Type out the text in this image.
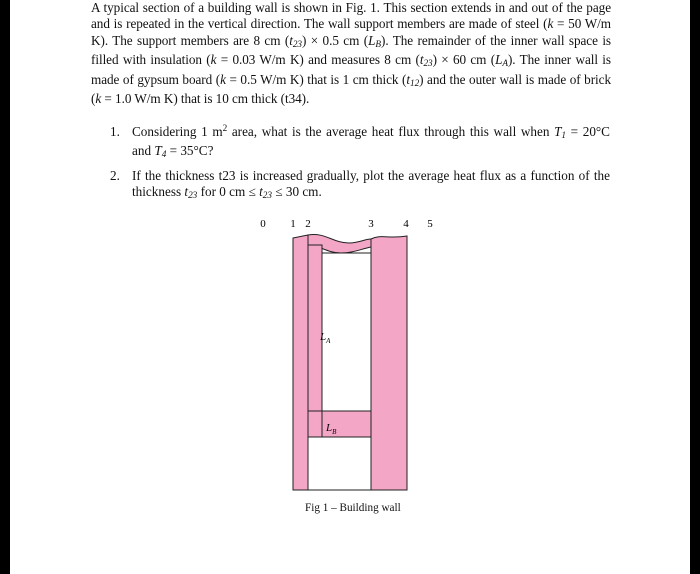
A typical section of a building wall is shown in Fig. 1. This section extends in and out of the page and is repeated in the vertical direction. The wall support members are made of steel (k = 50 W/m K). The support members are 8 cm $(t_{23}) \times 0.5$ cm $(L_B)$. The remainder of the inner wall space is filled with insulation (k = 0.03 W/m K) and measures 8 cm $(t_{23}) \times 60$ cm $(L_A)$. The inner wall is made of gypsum board (k = 0.5 W/m K) that is 1 cm thick $(t_{12})$ and the outer wall is made of brick (k = 1.0 W/m K) that is 10 cm thick (t34).

1. Considering 1 $m^2$ area, what is the average heat flux through this wall when $T_1 = 20^\circ C$ and $T_4 = 35^\circ C$?
2. If the thickness t23 is increased gradually, plot the average heat flux as a function of the thickness $t_{23}$ for 0 cm ≤ $t_{23} \le 30$ cm.
0 1 2	3	4 5
$L_A$
$L_B$
Fig 1 – Building wall
